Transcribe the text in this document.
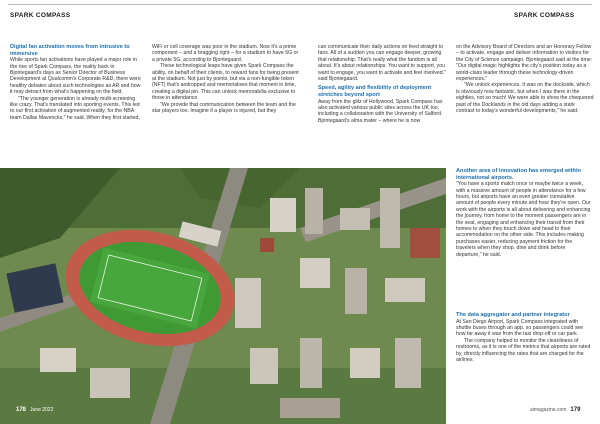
SPARK COMPASS	SPARK COMPASS
Digital fan activation moves from intrusive to immersive

While sports fan activations have played a major role in the rise of Spark Compass, the reality back in Bjontegaard's days as Senior Director of Business Development at Qualcomm's Corporate R&D, there were healthy debates about such technologies as AR and how it may detract from what's happening on the field.

"The younger generation is already multi-screening like crazy. That's translated into sporting events. This led to our first activation of augmented reality, for the NBA team Dallas Mavericks," he said. When they first started,

WiFi or cell coverage was poor in the stadium. Now it's a prime component – and a bragging right – for a stadium to have 5G or a private 5G, according to Bjontegaard.

These technological leaps have given Spark Compass the ability, on behalf of their clients, to reward fans for being present at the stadium. Not just by points, but via a non-fungible token (NFT) that's airdropped and memorialises that moment in time, creating a digital pin. This can unlock memorabilia exclusive to those in attendance.

"We provide that communication between the team and the star players too. Imagine if a player is injured, but they

can communicate their daily actions on feed straight to fans. All of a sudden you can engage deeper, growing that relationship. That's really what the fandom is all about. It's about relationships. You want to support, you want to engage, you want to activate and feel involved," said Bjontegaard.

Speed, agility and flexibility of deployment stretches beyond sport

Away from the glitz of Hollywood, Spark Compass has also activated various public sites across the UK too, including a collaboration with the University of Salford. Bjontegaard's alma mater – where he is now

on the Advisory Board of Directors and an Honorary Fellow – to activate, engage and deliver information to visitors for the City of Science campaign, Bjontegaard said at the time: "Our digital magic highlights the city's position today as a world-class leader through these technology-driven experiences."

"We unlock experiences. It was on the dockside, which is obviously now fantastic, but when I was there in the eighties, not so much! We were able to show the chequered past of the Docklands in the old days adding a stark contrast to today's wonderful developments," he said.

Another area of innovation has emerged within international airports.

"You have a sports match once or maybe twice a week, with a massive amount of people in attendance for a few hours, but airports have an even greater cumulative amount of people every minute and hour they're open. Our work with the airports is all about delivering and enhancing the journey, from home to the moment passengers are in the seat, engaging and enhancing their transit from their homes to when they touch down and head to their accommodation on the other side. This includes making purchases easier, reducing payment friction for the travelers when they shop, dine and drink before departure," he said.

The data aggregator and partner integrator

At San Diego Airport, Spark Compass integrated with shuttle buses through an app, so passengers could see how far away it was from the taxi drop-off or car park.

The company helped to monitor the cleanliness of restrooms, as it is one of the metrics that airports are rated by, directly influencing the rates that are charged for the airlines.

178 June 2022	aimagazine.com 179
